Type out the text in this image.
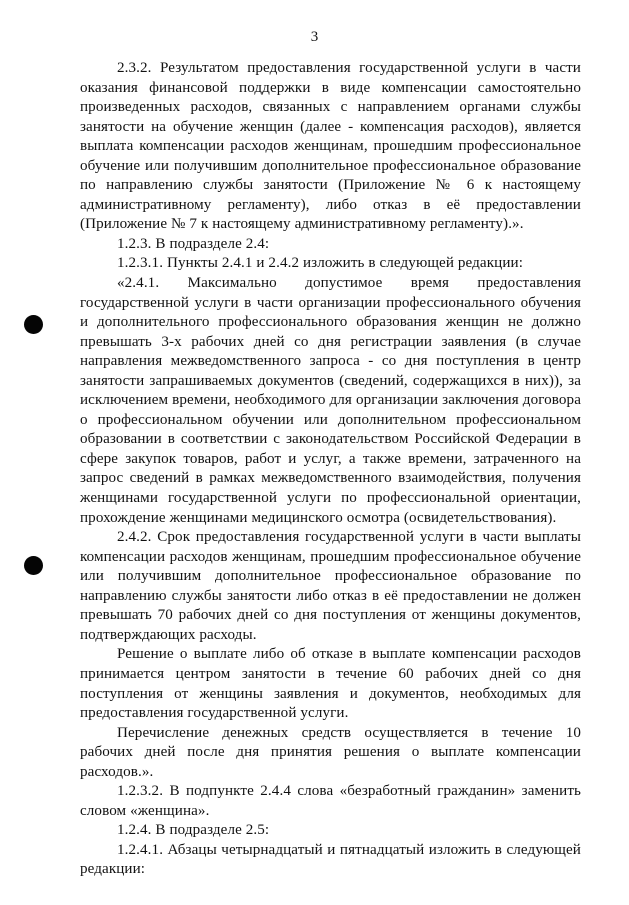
3

2.3.2. Результатом предоставления государственной услуги в части оказания финансовой поддержки в виде компенсации самостоятельно произведенных расходов, связанных с направлением органами службы занятости на обучение женщин (далее - компенсация расходов), является выплата компенсации расходов женщинам, прошедшим профессиональное обучение или получившим дополнительное профессиональное образование по направлению службы занятости (Приложение № 6 к настоящему административному регламенту), либо отказ в её предоставлении (Приложение № 7 к настоящему административному регламенту).».

1.2.3. В подразделе 2.4:

1.2.3.1. Пункты 2.4.1 и 2.4.2 изложить в следующей редакции:

«2.4.1. Максимально допустимое время предоставления государственной услуги в части организации профессионального обучения и дополнительного профессионального образования женщин не должно превышать 3-х рабочих дней со дня регистрации заявления (в случае направления межведомственного запроса - со дня поступления в центр занятости запрашиваемых документов (сведений, содержащихся в них)), за исключением времени, необходимого для организации заключения договора о профессиональном обучении или дополнительном профессиональном образовании в соответствии с законодательством Российской Федерации в сфере закупок товаров, работ и услуг, а также времени, затраченного на запрос сведений в рамках межведомственного взаимодействия, получения женщинами государственной услуги по профессиональной ориентации, прохождение женщинами медицинского осмотра (освидетельствования).

2.4.2. Срок предоставления государственной услуги в части выплаты компенсации расходов женщинам, прошедшим профессиональное обучение или получившим дополнительное профессиональное образование по направлению службы занятости либо отказ в её предоставлении не должен превышать 70 рабочих дней со дня поступления от женщины документов, подтверждающих расходы.

Решение о выплате либо об отказе в выплате компенсации расходов принимается центром занятости в течение 60 рабочих дней со дня поступления от женщины заявления и документов, необходимых для предоставления государственной услуги.

Перечисление денежных средств осуществляется в течение 10 рабочих дней после дня принятия решения о выплате компенсации расходов.».

1.2.3.2. В подпункте 2.4.4 слова «безработный гражданин» заменить словом «женщина».

1.2.4. В подразделе 2.5:

1.2.4.1. Абзацы четырнадцатый и пятнадцатый изложить в следующей редакции:
